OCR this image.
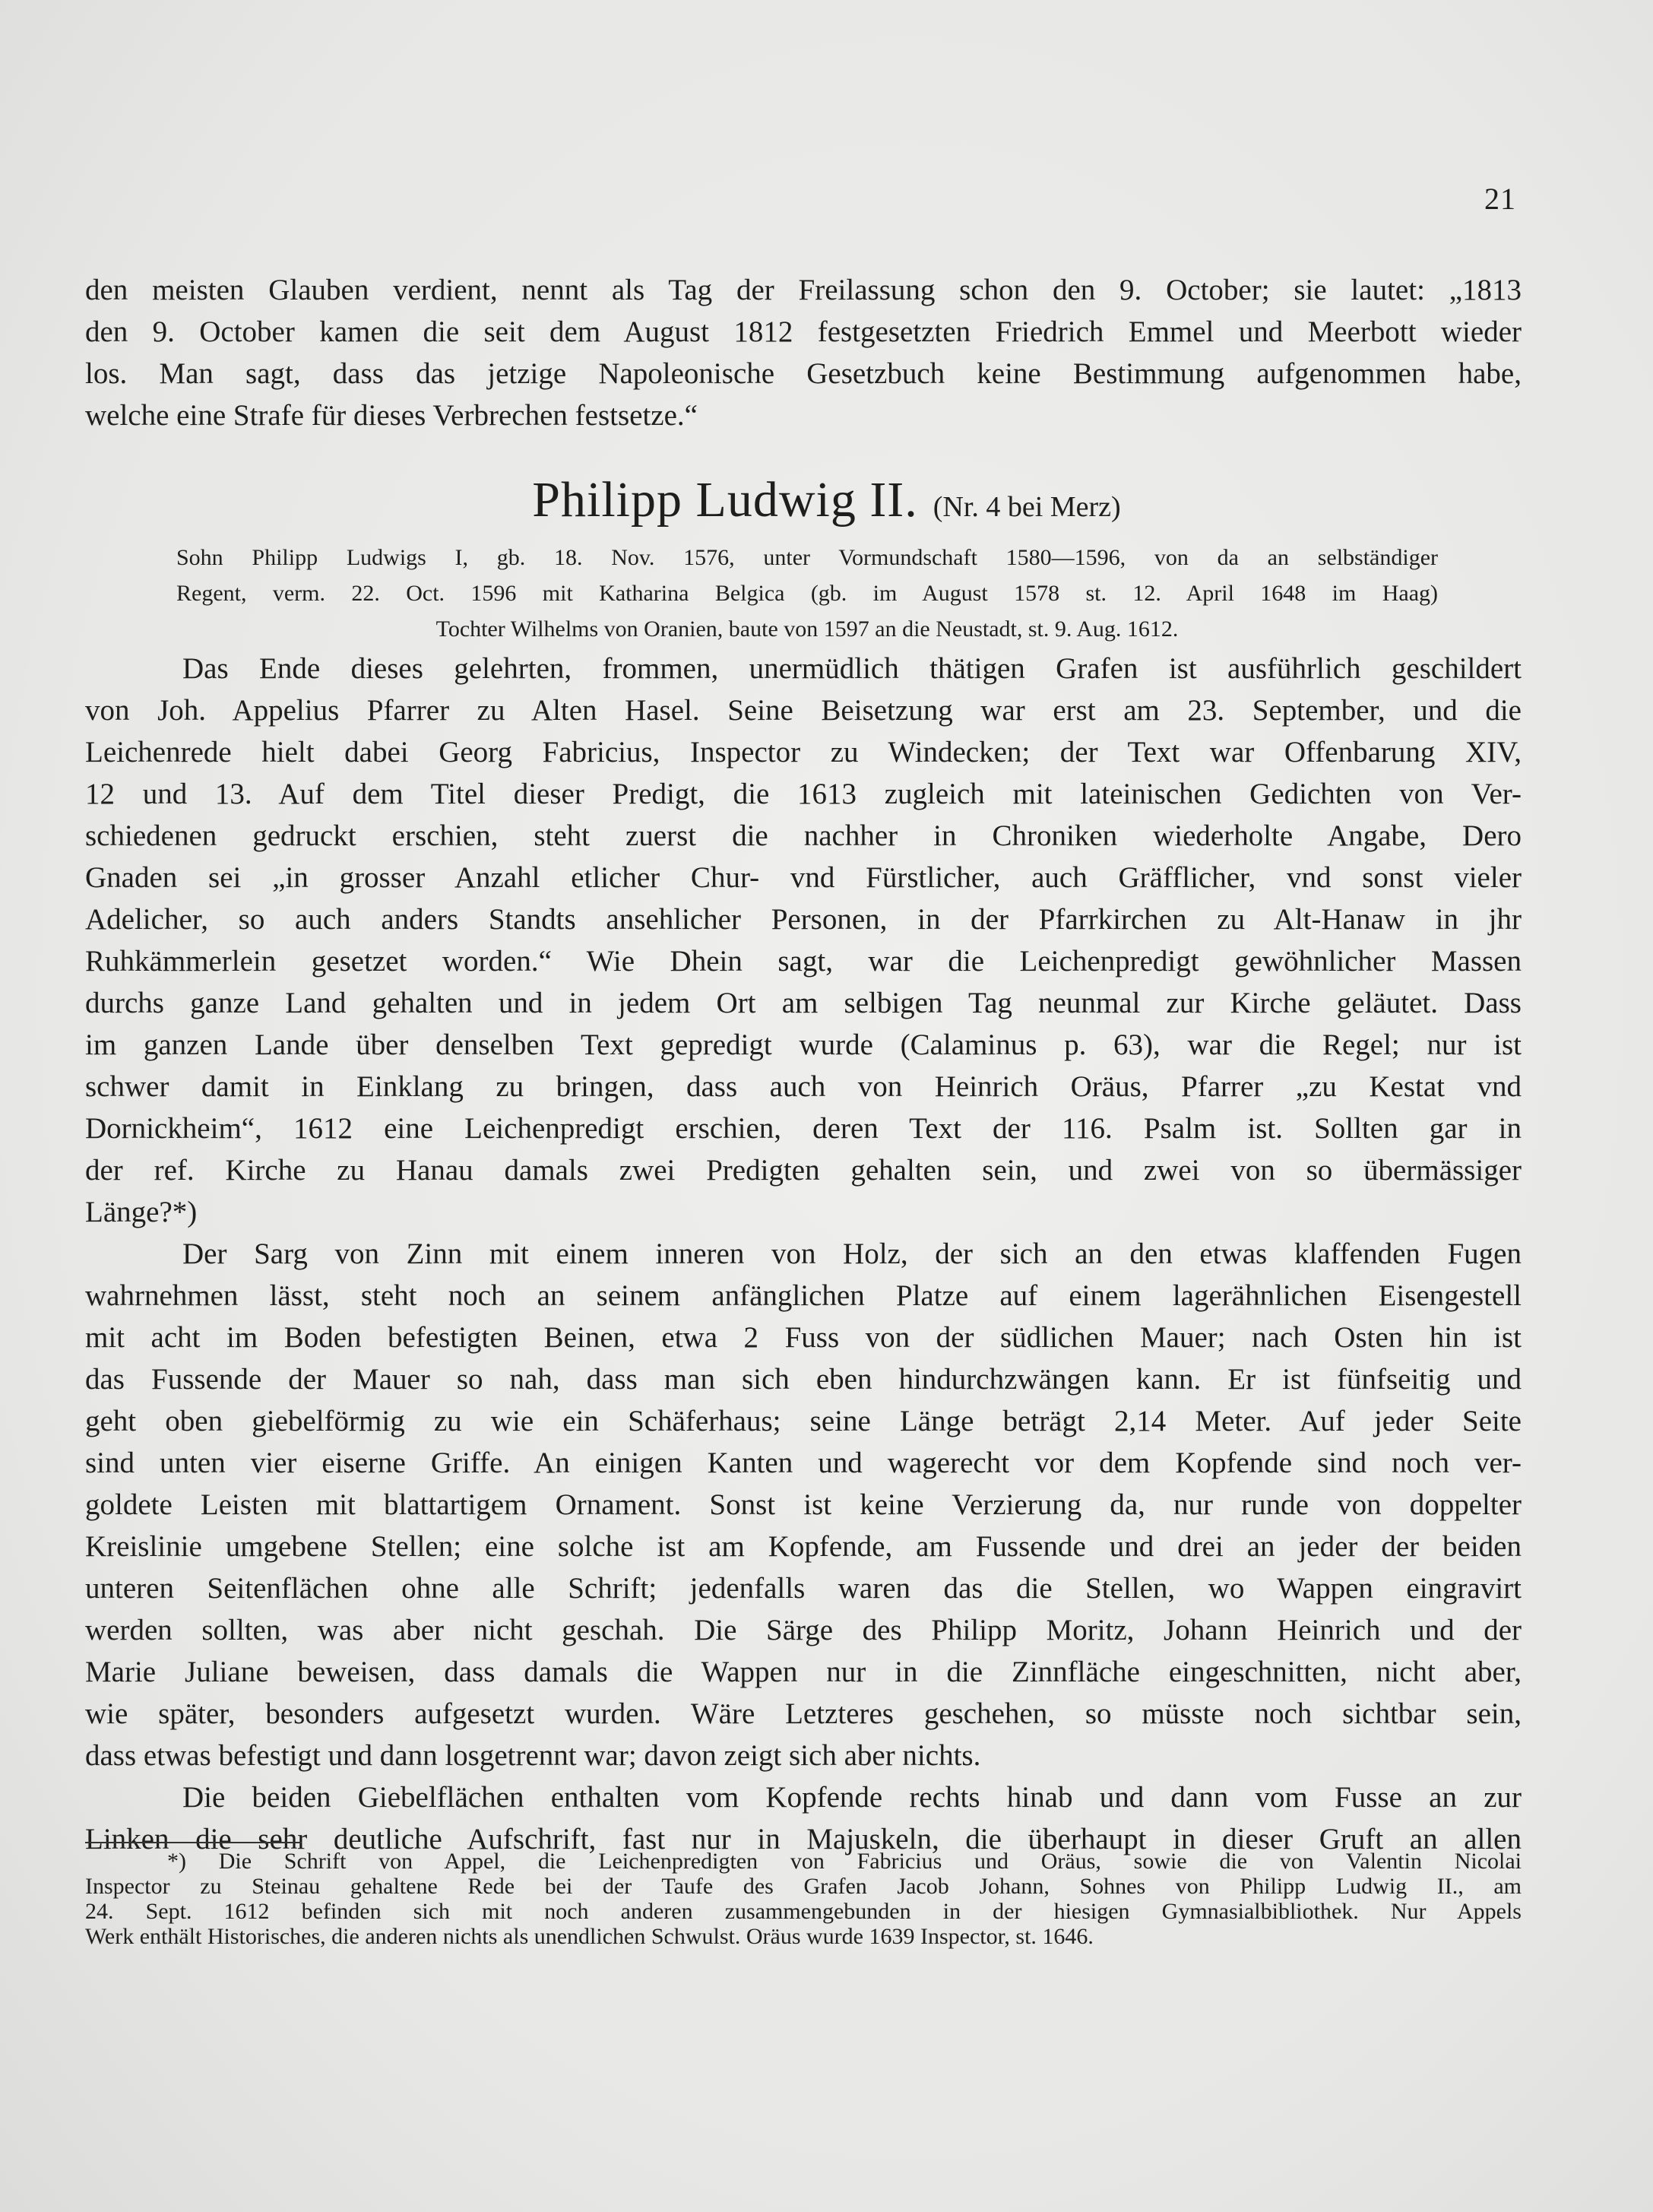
21
den meisten Glauben verdient, nennt als Tag der Freilassung schon den 9. October; sie lautet: „1813
den 9. October kamen die seit dem August 1812 festgesetzten Friedrich Emmel und Meerbott wieder
los. Man sagt, dass das jetzige Napoleonische Gesetzbuch keine Bestimmung aufgenommen habe,
welche eine Strafe für dieses Verbrechen festsetze.“
Philipp Ludwig II. (Nr. 4 bei Merz)
Sohn Philipp Ludwigs I, gb. 18. Nov. 1576, unter Vormundschaft 1580—1596, von da an selbständiger
Regent, verm. 22. Oct. 1596 mit Katharina Belgica (gb. im August 1578 st. 12. April 1648 im Haag)
Tochter Wilhelms von Oranien, baute von 1597 an die Neustadt, st. 9. Aug. 1612.
Das Ende dieses gelehrten, frommen, unermüdlich thätigen Grafen ist ausführlich geschildert
von Joh. Appelius Pfarrer zu Alten Hasel. Seine Beisetzung war erst am 23. September, und die
Leichenrede hielt dabei Georg Fabricius, Inspector zu Windecken; der Text war Offenbarung XIV,
12 und 13. Auf dem Titel dieser Predigt, die 1613 zugleich mit lateinischen Gedichten von Ver-
schiedenen gedruckt erschien, steht zuerst die nachher in Chroniken wiederholte Angabe, Dero
Gnaden sei „in grosser Anzahl etlicher Chur- vnd Fürstlicher, auch Gräfflicher, vnd sonst vieler
Adelicher, so auch anders Standts ansehlicher Personen, in der Pfarrkirchen zu Alt-Hanaw in jhr
Ruhkämmerlein gesetzet worden.“ Wie Dhein sagt, war die Leichenpredigt gewöhnlicher Massen
durchs ganze Land gehalten und in jedem Ort am selbigen Tag neunmal zur Kirche geläutet. Dass
im ganzen Lande über denselben Text gepredigt wurde (Calaminus p. 63), war die Regel; nur ist
schwer damit in Einklang zu bringen, dass auch von Heinrich Oräus, Pfarrer „zu Kestat vnd
Dornickheim“, 1612 eine Leichenpredigt erschien, deren Text der 116. Psalm ist. Sollten gar in
der ref. Kirche zu Hanau damals zwei Predigten gehalten sein, und zwei von so übermässiger
Länge?*)
Der Sarg von Zinn mit einem inneren von Holz, der sich an den etwas klaffenden Fugen
wahrnehmen lässt, steht noch an seinem anfänglichen Platze auf einem lagerähnlichen Eisengestell
mit acht im Boden befestigten Beinen, etwa 2 Fuss von der südlichen Mauer; nach Osten hin ist
das Fussende der Mauer so nah, dass man sich eben hindurchzwängen kann. Er ist fünfseitig und
geht oben giebelförmig zu wie ein Schäferhaus; seine Länge beträgt 2,14 Meter. Auf jeder Seite
sind unten vier eiserne Griffe. An einigen Kanten und wagerecht vor dem Kopfende sind noch ver-
goldete Leisten mit blattartigem Ornament. Sonst ist keine Verzierung da, nur runde von doppelter
Kreislinie umgebene Stellen; eine solche ist am Kopfende, am Fussende und drei an jeder der beiden
unteren Seitenflächen ohne alle Schrift; jedenfalls waren das die Stellen, wo Wappen eingravirt
werden sollten, was aber nicht geschah. Die Särge des Philipp Moritz, Johann Heinrich und der
Marie Juliane beweisen, dass damals die Wappen nur in die Zinnfläche eingeschnitten, nicht aber,
wie später, besonders aufgesetzt wurden. Wäre Letzteres geschehen, so müsste noch sichtbar sein,
dass etwas befestigt und dann losgetrennt war; davon zeigt sich aber nichts.
Die beiden Giebelflächen enthalten vom Kopfende rechts hinab und dann vom Fusse an zur
Linken die sehr deutliche Aufschrift, fast nur in Majuskeln, die überhaupt in dieser Gruft an allen
*) Die Schrift von Appel, die Leichenpredigten von Fabricius und Oräus, sowie die von Valentin Nicolai
Inspector zu Steinau gehaltene Rede bei der Taufe des Grafen Jacob Johann, Sohnes von Philipp Ludwig II., am
24. Sept. 1612 befinden sich mit noch anderen zusammengebunden in der hiesigen Gymnasialbibliothek. Nur Appels
Werk enthält Historisches, die anderen nichts als unendlichen Schwulst. Oräus wurde 1639 Inspector, st. 1646.
